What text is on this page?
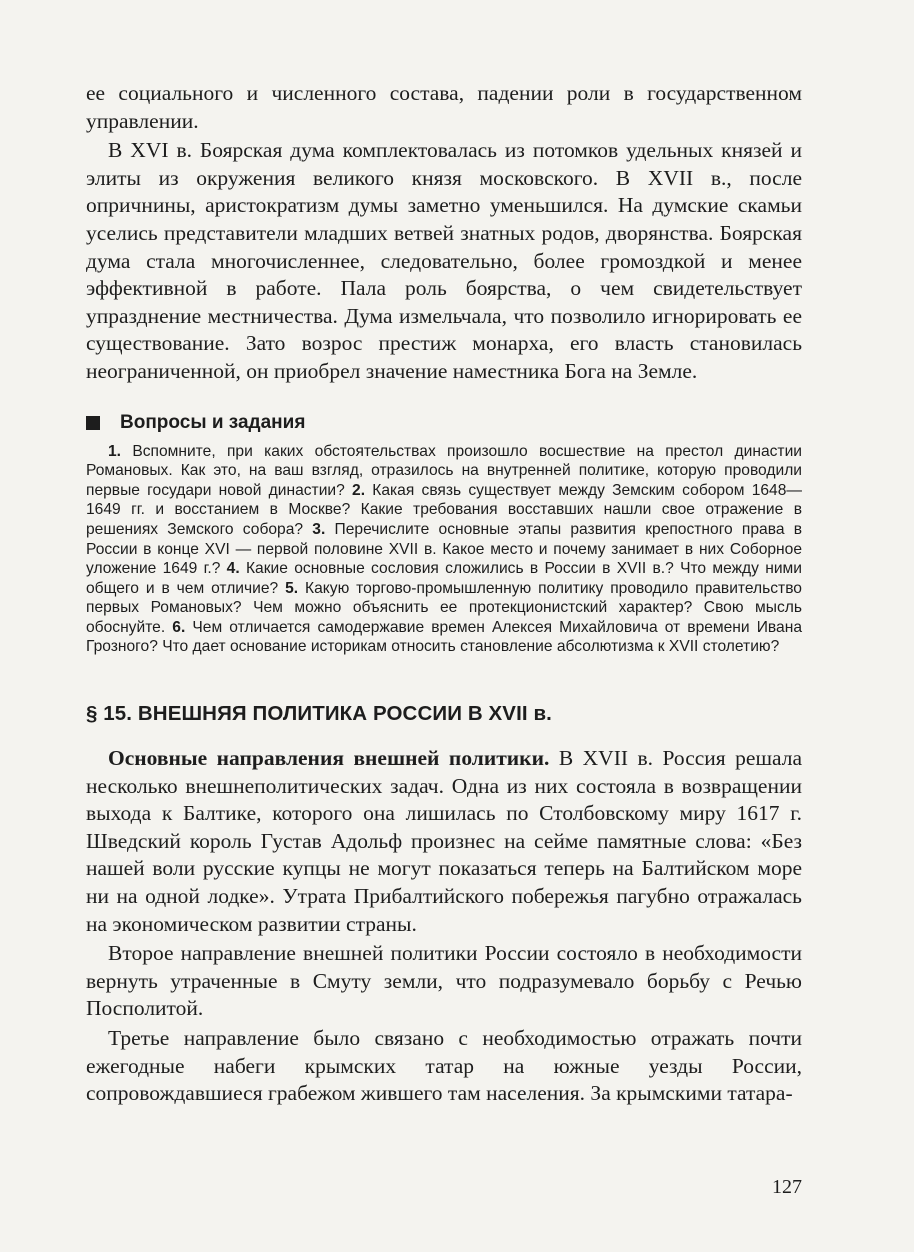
ее социального и численного состава, падении роли в государственном управлении.

В XVI в. Боярская дума комплектовалась из потомков удельных князей и элиты из окружения великого князя московского. В XVII в., после опричнины, аристократизм думы заметно уменьшился. На думские скамьи уселись представители младших ветвей знатных родов, дворянства. Боярская дума стала многочисленнее, следовательно, более громоздкой и менее эффективной в работе. Пала роль боярства, о чем свидетельствует упразднение местничества. Дума измельчала, что позволило игнорировать ее существование. Зато возрос престиж монарха, его власть становилась неограниченной, он приобрел значение наместника Бога на Земле.

Вопросы и задания

1. Вспомните, при каких обстоятельствах произошло восшествие на престол династии Романовых. Как это, на ваш взгляд, отразилось на внутренней политике, которую проводили первые государи новой династии? 2. Какая связь существует между Земским собором 1648—1649 гг. и восстанием в Москве? Какие требования восставших нашли свое отражение в решениях Земского собора? 3. Перечислите основные этапы развития крепостного права в России в конце XVI — первой половине XVII в. Какое место и почему занимает в них Соборное уложение 1649 г.? 4. Какие основные сословия сложились в России в XVII в.? Что между ними общего и в чем отличие? 5. Какую торгово-промышленную политику проводило правительство первых Романовых? Чем можно объяснить ее протекционистский характер? Свою мысль обоснуйте. 6. Чем отличается самодержавие времен Алексея Михайловича от времени Ивана Грозного? Что дает основание историкам относить становление абсолютизма к XVII столетию?

§ 15. ВНЕШНЯЯ ПОЛИТИКА РОССИИ В XVII в.

Основные направления внешней политики. В XVII в. Россия решала несколько внешнеполитических задач. Одна из них состояла в возвращении выхода к Балтике, которого она лишилась по Столбовскому миру 1617 г. Шведский король Густав Адольф произнес на сейме памятные слова: «Без нашей воли русские купцы не могут показаться теперь на Балтийском море ни на одной лодке». Утрата Прибалтийского побережья пагубно отражалась на экономическом развитии страны.

Второе направление внешней политики России состояло в необходимости вернуть утраченные в Смуту земли, что подразумевало борьбу с Речью Посполитой.

Третье направление было связано с необходимостью отражать почти ежегодные набеги крымских татар на южные уезды России, сопровождавшиеся грабежом жившего там населения. За крымскими татара-

127
